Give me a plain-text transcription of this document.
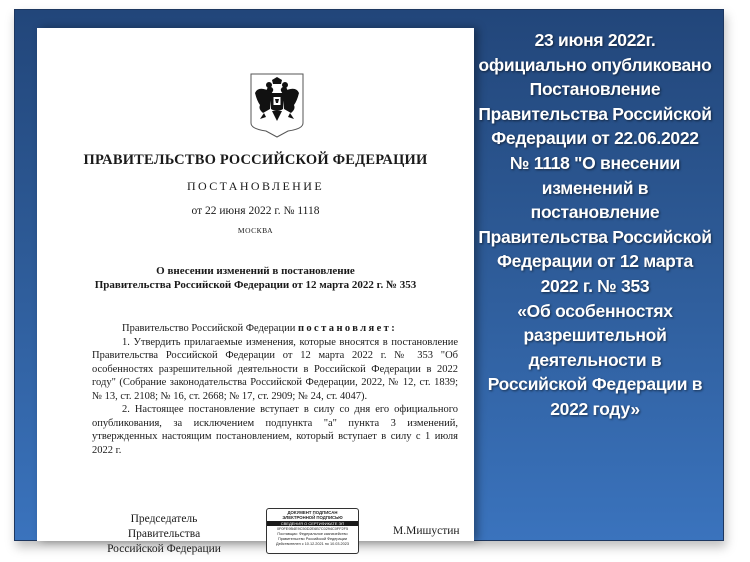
ПРАВИТЕЛЬСТВО РОССИЙСКОЙ ФЕДЕРАЦИИ
ПОСТАНОВЛЕНИЕ
от 22 июня 2022 г. № 1118
МОСКВА
О внесении изменений в постановление
Правительства Российской Федерации от 12 марта 2022 г. № 353

Правительство Российской Федерации постановляет:

1. Утвердить прилагаемые изменения, которые вносятся в постановление Правительства Российской Федерации от 12 марта 2022 г. № 353 "Об особенностях разрешительной деятельности в Российской Федерации в 2022 году" (Собрание законодательства Российской Федерации, 2022, № 12, ст. 1839; № 13, ст. 2108; № 16, ст. 2668; № 17, ст. 2909; № 24, ст. 4047).

2. Настоящее постановление вступает в силу со дня его официального опубликования, за исключением подпункта "а" пункта 3 изменений, утвержденных настоящим постановлением, который вступает в силу с 1 июля 2022 г.

Председатель Правительства
Российской Федерации
ДОКУМЕНТ ПОДПИСАН
ЭЛЕКТРОННОЙ ПОДПИСЬЮ
СВЕДЕНИЯ О СЕРТИФИКАТЕ ЭП
0F0FE9B4E9C50D2E6B7C0294C0FF2F5
Поставщик: Федеральное казначейство
Правительство Российской Федерации
Действителен с 10.12.2021 по 10.03.2023
М.Мишустин
23 июня 2022г.
официально опубликовано
Постановление
Правительства Российской
Федерации от 22.06.2022
№ 1118 "О внесении
изменений в
постановление
Правительства Российской
Федерации от 12 марта
2022 г. № 353
«Об особенностях
разрешительной
деятельности в
Российской Федерации в
2022 году»
